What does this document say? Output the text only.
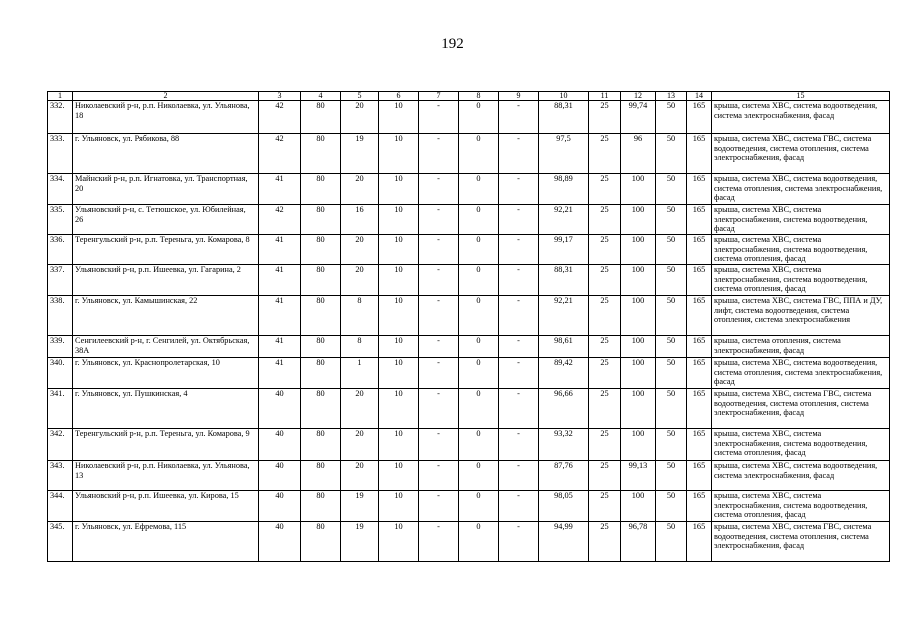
192
1	2	3	4	5	6	7	8	9	10	11	12	13	14	15
332.	Николаевский р-н, р.п. Николаевка, ул. Ульянова, 18	42	80	20	10	-	0	-	88,31	25	99,74	50	165	крыша, система ХВС, система водоотведения, система электроснабжения, фасад
333.	г. Ульяновск, ул. Рябикова, 88	42	80	19	10	-	0	-	97,5	25	96	50	165	крыша, система ХВС, система ГВС, система водоотведения, система отопления, система электроснабжения, фасад
334.	Майнский р-н, р.п. Игнатовка, ул. Транспортная, 20	41	80	20	10	-	0	-	98,89	25	100	50	165	крыша, система ХВС, система водоотведения, система отопления, система электроснабжения, фасад
335.	Ульяновский р-н, с. Тетюшское, ул. Юбилейная, 26	42	80	16	10	-	0	-	92,21	25	100	50	165	крыша, система ХВС, система электроснабжения, система водоотведения, фасад
336.	Теренгульский р-н, р.п. Тереньга, ул. Комарова, 8	41	80	20	10	-	0	-	99,17	25	100	50	165	крыша, система ХВС, система электроснабжения, система водоотведения, система отопления, фасад
337.	Ульяновский р-н, р.п. Ишеевка, ул. Гагарина, 2	41	80	20	10	-	0	-	88,31	25	100	50	165	крыша, система ХВС, система электроснабжения, система водоотведения, система отопления, фасад
338.	г. Ульяновск, ул. Камышинская, 22	41	80	8	10	-	0	-	92,21	25	100	50	165	крыша, система ХВС, система ГВС, ППА и ДУ, лифт, система водоотведения, система отопления, система электроснабжения
339.	Сенгилеевский р-н, г. Сенгилей, ул. Октябрьская, 38А	41	80	8	10	-	0	-	98,61	25	100	50	165	крыша, система отопления, система электроснабжения, фасад
340.	г. Ульяновск, ул. Краснопролетарская, 10	41	80	1	10	-	0	-	89,42	25	100	50	165	крыша, система ХВС, система водоотведения, система отопления, система электроснабжения, фасад
341.	г. Ульяновск, ул. Пушкинская, 4	40	80	20	10	-	0	-	96,66	25	100	50	165	крыша, система ХВС, система ГВС, система водоотведения, система отопления, система электроснабжения, фасад
342.	Теренгульский р-н, р.п. Тереньга, ул. Комарова, 9	40	80	20	10	-	0	-	93,32	25	100	50	165	крыша, система ХВС, система электроснабжения, система водоотведения, система отопления, фасад
343.	Николаевский р-н, р.п. Николаевка, ул. Ульянова, 13	40	80	20	10	-	0	-	87,76	25	99,13	50	165	крыша, система ХВС, система водоотведения, система электроснабжения, фасад
344.	Ульяновский р-н, р.п. Ишеевка, ул. Кирова, 15	40	80	19	10	-	0	-	98,05	25	100	50	165	крыша, система ХВС, система электроснабжения, система водоотведения, система отопления, фасад
345.	г. Ульяновск, ул. Ефремова, 115	40	80	19	10	-	0	-	94,99	25	96,78	50	165	крыша, система ХВС, система ГВС, система водоотведения, система отопления, система электроснабжения, фасад
